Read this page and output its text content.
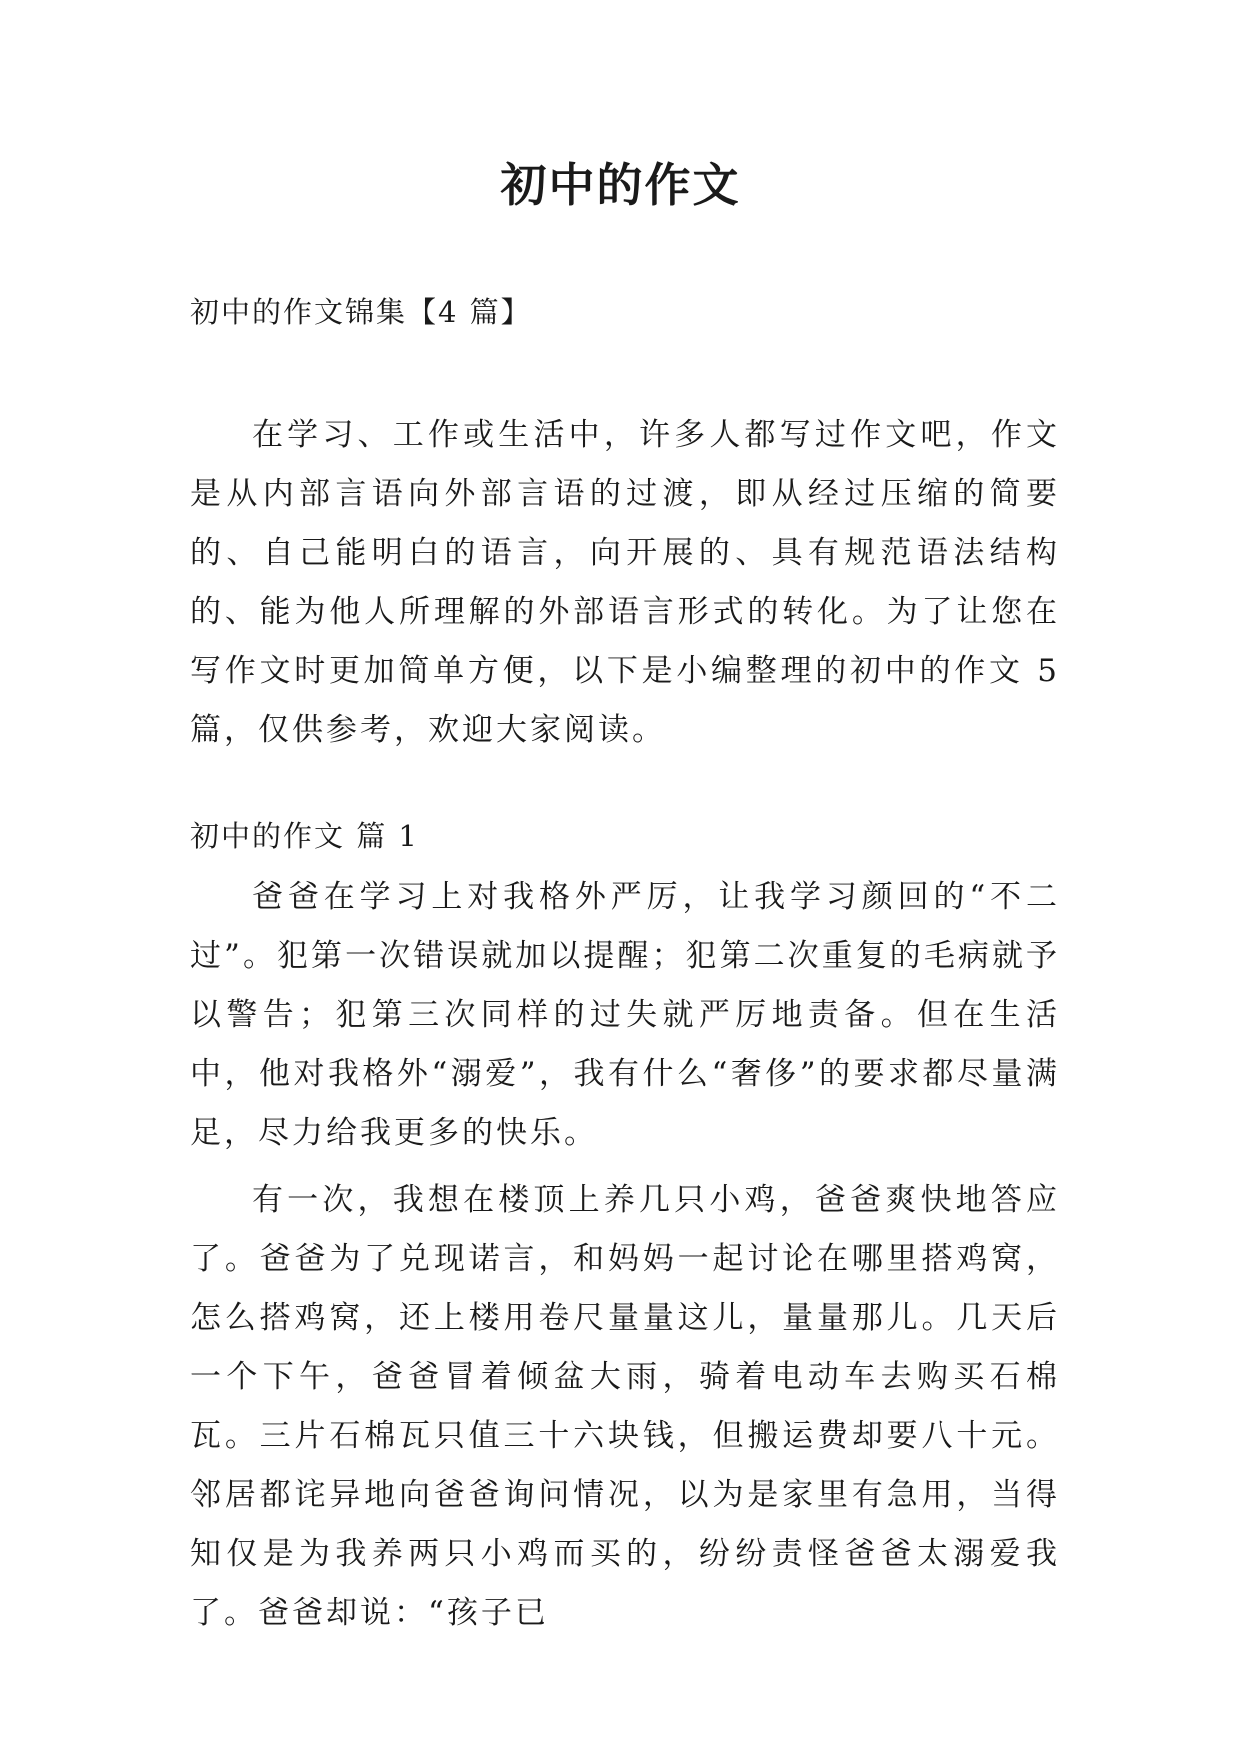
初中的作文
初中的作文锦集【4 篇】

在学习、工作或生活中，许多人都写过作文吧，作文是从内部言语向外部言语的过渡，即从经过压缩的简要的、自己能明白的语言，向开展的、具有规范语法结构的、能为他人所理解的外部语言形式的转化。为了让您在写作文时更加简单方便，以下是小编整理的初中的作文 5 篇，仅供参考，欢迎大家阅读。

初中的作文 篇 1

爸爸在学习上对我格外严厉，让我学习颜回的“不二过”。犯第一次错误就加以提醒；犯第二次重复的毛病就予以警告；犯第三次同样的过失就严厉地责备。但在生活中，他对我格外“溺爱”，我有什么“奢侈”的要求都尽量满足，尽力给我更多的快乐。

有一次，我想在楼顶上养几只小鸡，爸爸爽快地答应了。爸爸为了兑现诺言，和妈妈一起讨论在哪里搭鸡窝，怎么搭鸡窝，还上楼用卷尺量量这儿，量量那儿。几天后一个下午，爸爸冒着倾盆大雨，骑着电动车去购买石棉瓦。三片石棉瓦只值三十六块钱，但搬运费却要八十元。邻居都诧异地向爸爸询问情况，以为是家里有急用，当得知仅是为我养两只小鸡而买的，纷纷责怪爸爸太溺爱我了。爸爸却说：“孩子已
